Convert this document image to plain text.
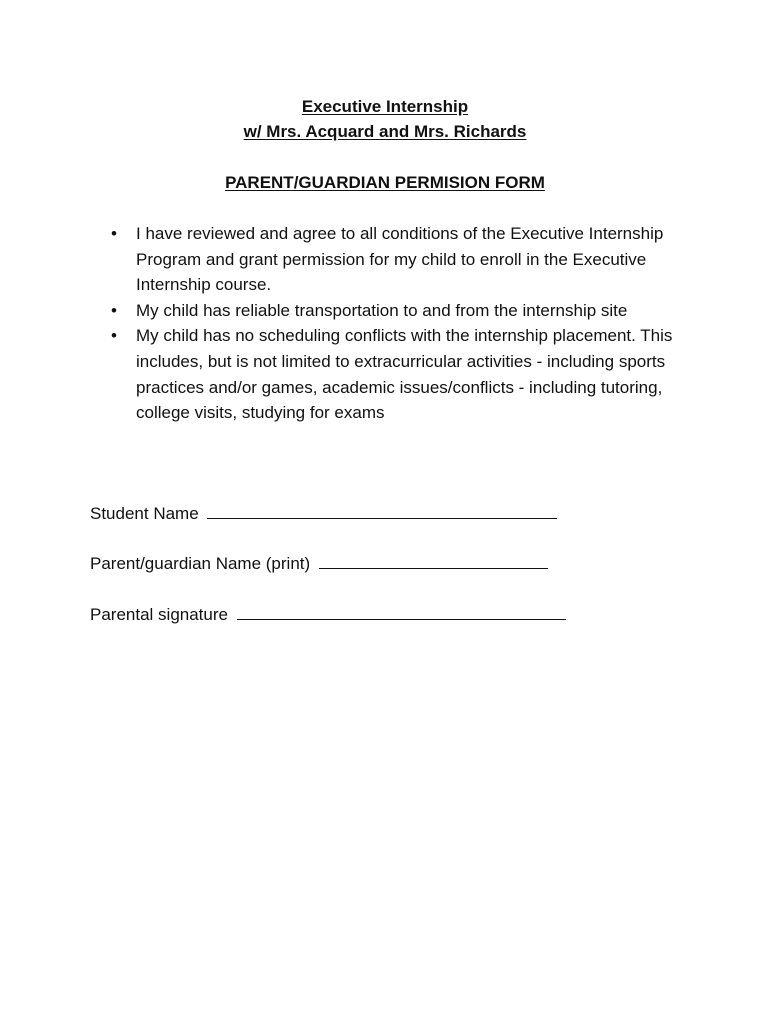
Executive Internship
w/ Mrs. Acquard and Mrs. Richards
PARENT/GUARDIAN PERMISION FORM
• I have reviewed and agree to all conditions of the Executive Internship Program and grant permission for my child to enroll in the Executive Internship course.
• My child has reliable transportation to and from the internship site
• My child has no scheduling conflicts with the internship placement. This includes, but is not limited to extracurricular activities - including sports practices and/or games, academic issues/conflicts - including tutoring, college visits, studying for exams
Student Name
Parent/guardian Name (print)
Parental signature
